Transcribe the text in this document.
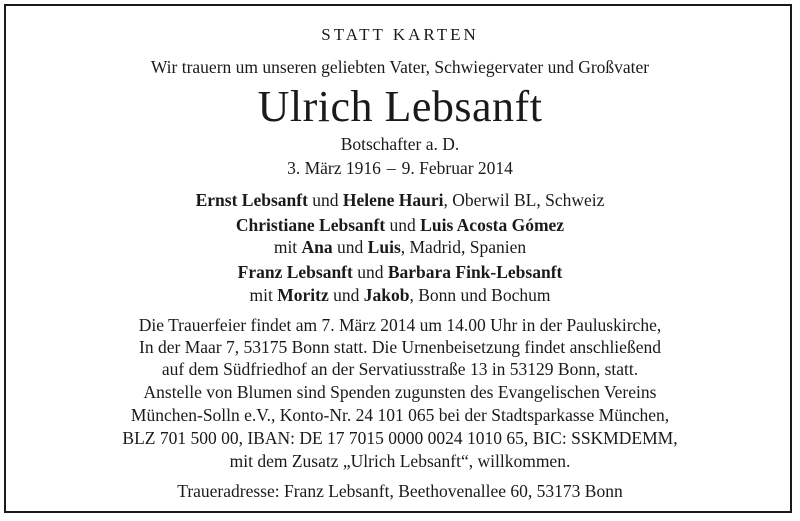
STATT KARTEN
Wir trauern um unseren geliebten Vater, Schwiegervater und Großvater
Ulrich Lebsanft
Botschafter a. D.
3. März 1916 – 9. Februar 2014
Ernst Lebsanft und Helene Hauri, Oberwil BL, Schweiz
Christiane Lebsanft und Luis Acosta Gómez
mit Ana und Luis, Madrid, Spanien
Franz Lebsanft und Barbara Fink-Lebsanft
mit Moritz und Jakob, Bonn und Bochum
Die Trauerfeier findet am 7. März 2014 um 14.00 Uhr in der Pauluskirche,
In der Maar 7, 53175 Bonn statt. Die Urnenbeisetzung findet anschließend
auf dem Südfriedhof an der Servatiusstraße 13 in 53129 Bonn, statt.
Anstelle von Blumen sind Spenden zugunsten des Evangelischen Vereins
München-Solln e.V., Konto-Nr. 24 101 065 bei der Stadtsparkasse München,
BLZ 701 500 00, IBAN: DE 17 7015 0000 0024 1010 65, BIC: SSKMDEMM,
mit dem Zusatz „Ulrich Lebsanft“, willkommen.
Traueradresse: Franz Lebsanft, Beethovenallee 60, 53173 Bonn
